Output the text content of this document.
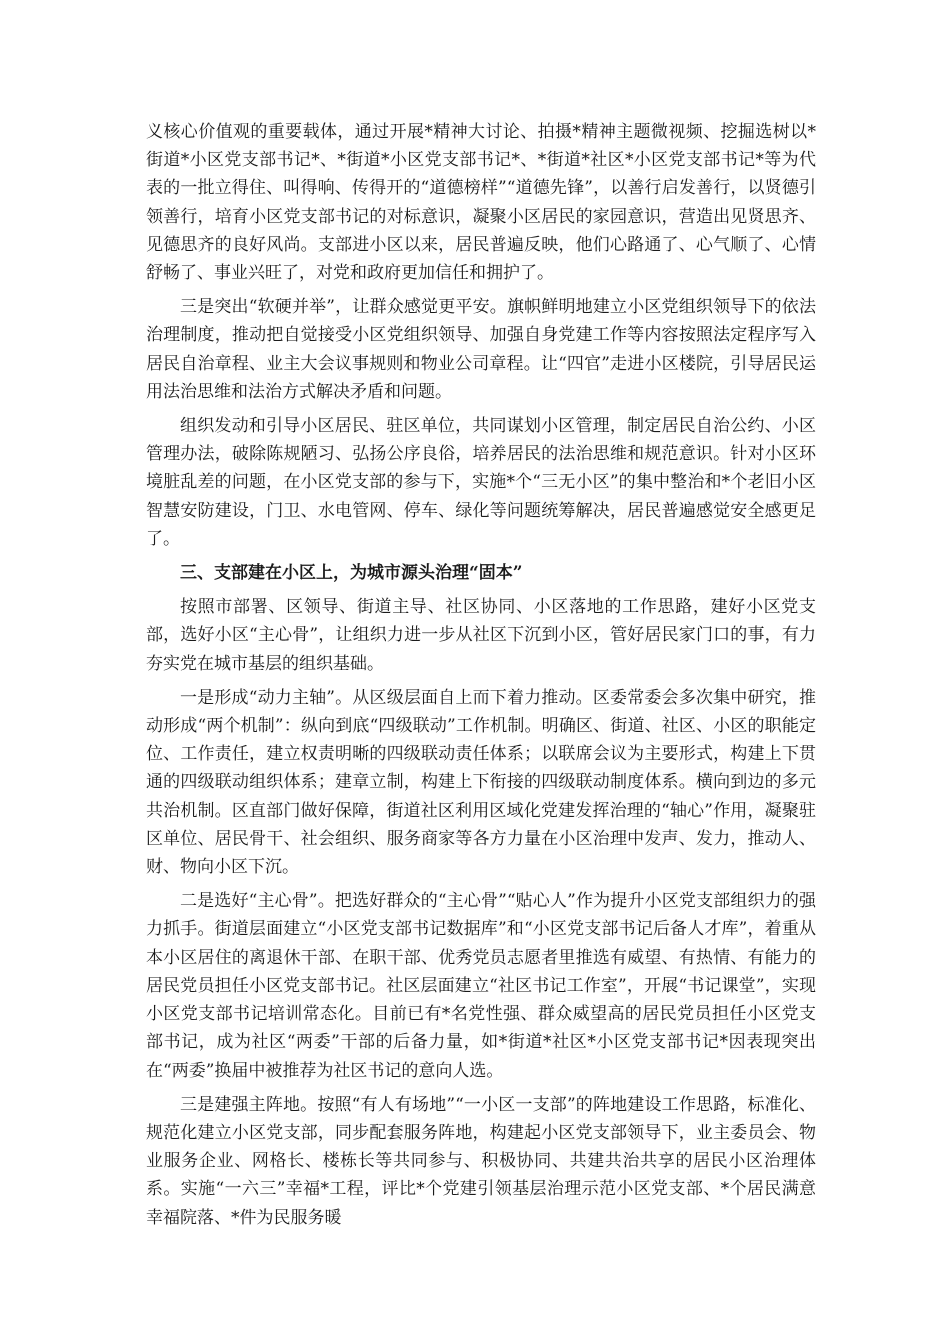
义核心价值观的重要载体，通过开展*精神大讨论、拍摄*精神主题微视频、挖掘选树以*街道*小区党支部书记*、*街道*小区党支部书记*、*街道*社区*小区党支部书记*等为代表的一批立得住、叫得响、传得开的“道德榜样”“道德先锋”，以善行启发善行，以贤德引领善行，培育小区党支部书记的对标意识，凝聚小区居民的家园意识，营造出见贤思齐、见德思齐的良好风尚。支部进小区以来，居民普遍反映，他们心路通了、心气顺了、心情舒畅了、事业兴旺了，对党和政府更加信任和拥护了。

三是突出“软硬并举”，让群众感觉更平安。旗帜鲜明地建立小区党组织领导下的依法治理制度，推动把自觉接受小区党组织领导、加强自身党建工作等内容按照法定程序写入居民自治章程、业主大会议事规则和物业公司章程。让“四官”走进小区楼院，引导居民运用法治思维和法治方式解决矛盾和问题。

组织发动和引导小区居民、驻区单位，共同谋划小区管理，制定居民自治公约、小区管理办法，破除陈规陋习、弘扬公序良俗，培养居民的法治思维和规范意识。针对小区环境脏乱差的问题，在小区党支部的参与下，实施*个“三无小区”的集中整治和*个老旧小区智慧安防建设，门卫、水电管网、停车、绿化等问题统筹解决，居民普遍感觉安全感更足了。

三、支部建在小区上，为城市源头治理“固本”

按照市部署、区领导、街道主导、社区协同、小区落地的工作思路，建好小区党支部，选好小区“主心骨”，让组织力进一步从社区下沉到小区，管好居民家门口的事，有力夯实党在城市基层的组织基础。

一是形成“动力主轴”。从区级层面自上而下着力推动。区委常委会多次集中研究，推动形成“两个机制”：纵向到底“四级联动”工作机制。明确区、街道、社区、小区的职能定位、工作责任，建立权责明晰的四级联动责任体系；以联席会议为主要形式，构建上下贯通的四级联动组织体系；建章立制，构建上下衔接的四级联动制度体系。横向到边的多元共治机制。区直部门做好保障，街道社区利用区域化党建发挥治理的“轴心”作用，凝聚驻区单位、居民骨干、社会组织、服务商家等各方力量在小区治理中发声、发力，推动人、财、物向小区下沉。

二是选好“主心骨”。把选好群众的“主心骨”“贴心人”作为提升小区党支部组织力的强力抓手。街道层面建立“小区党支部书记数据库”和“小区党支部书记后备人才库”，着重从本小区居住的离退休干部、在职干部、优秀党员志愿者里推选有威望、有热情、有能力的居民党员担任小区党支部书记。社区层面建立“社区书记工作室”，开展“书记课堂”，实现小区党支部书记培训常态化。目前已有*名党性强、群众威望高的居民党员担任小区党支部书记，成为社区“两委”干部的后备力量，如*街道*社区*小区党支部书记*因表现突出在“两委”换届中被推荐为社区书记的意向人选。

三是建强主阵地。按照“有人有场地”“一小区一支部”的阵地建设工作思路，标准化、规范化建立小区党支部，同步配套服务阵地，构建起小区党支部领导下，业主委员会、物业服务企业、网格长、楼栋长等共同参与、积极协同、共建共治共享的居民小区治理体系。实施“一六三”幸福*工程，评比*个党建引领基层治理示范小区党支部、*个居民满意幸福院落、*件为民服务暖
